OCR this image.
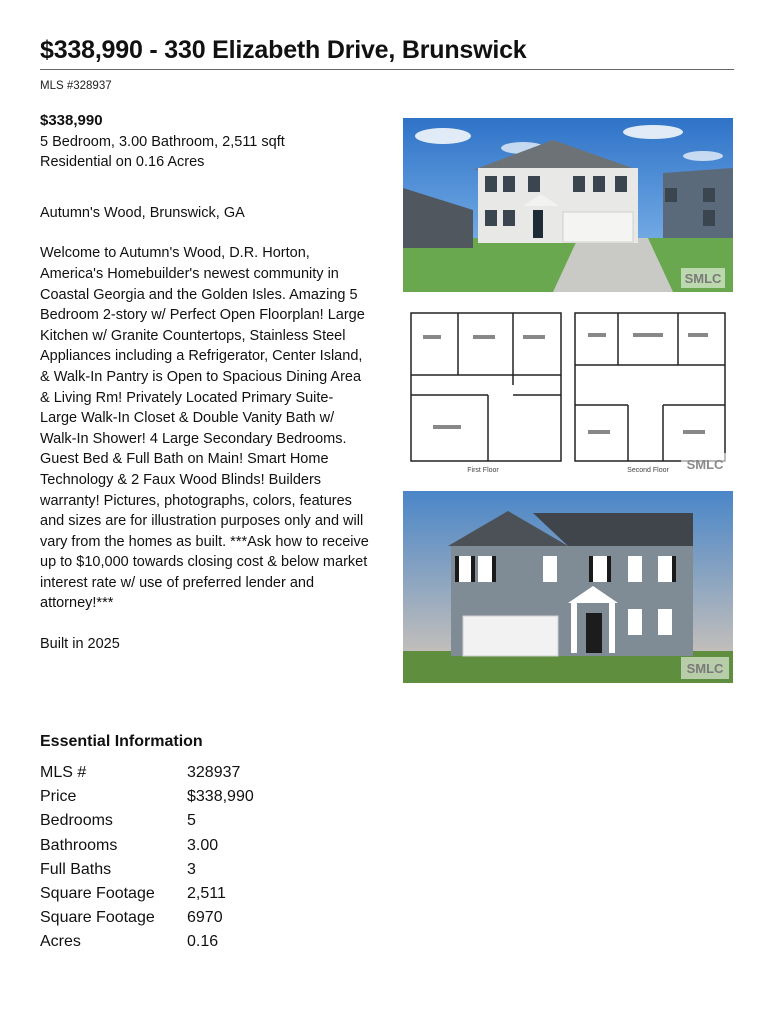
$338,990 - 330 Elizabeth Drive, Brunswick
MLS #328937
$338,990
5 Bedroom, 3.00 Bathroom, 2,511 sqft
Residential on 0.16 Acres
Autumn's Wood, Brunswick, GA
Welcome to Autumn's Wood, D.R. Horton, America's Homebuilder's newest community in Coastal Georgia and the Golden Isles. Amazing 5 Bedroom 2-story w/ Perfect Open Floorplan! Large Kitchen w/ Granite Countertops, Stainless Steel Appliances including a Refrigerator, Center Island, & Walk-In Pantry is Open to Spacious Dining Area & Living Rm! Privately Located Primary Suite-Large Walk-In Closet & Double Vanity Bath w/ Walk-In Shower! 4 Large Secondary Bedrooms. Guest Bed & Full Bath on Main! Smart Home Technology & 2 Faux Wood Blinds! Builders warranty! Pictures, photographs, colors, features and sizes are for illustration purposes only and will vary from the homes as built. ***Ask how to receive up to $10,000 towards closing cost & below market interest rate w/ use of preferred lender and attorney!***
Built in 2025
Essential Information
MLS #	328937
Price	$338,990
Bedrooms	5
Bathrooms	3.00
Full Baths	3
Square Footage	2,511
Square Footage	6970
Acres	0.16
SMLC
First Floor	Second Floor SMLC
SMLC
